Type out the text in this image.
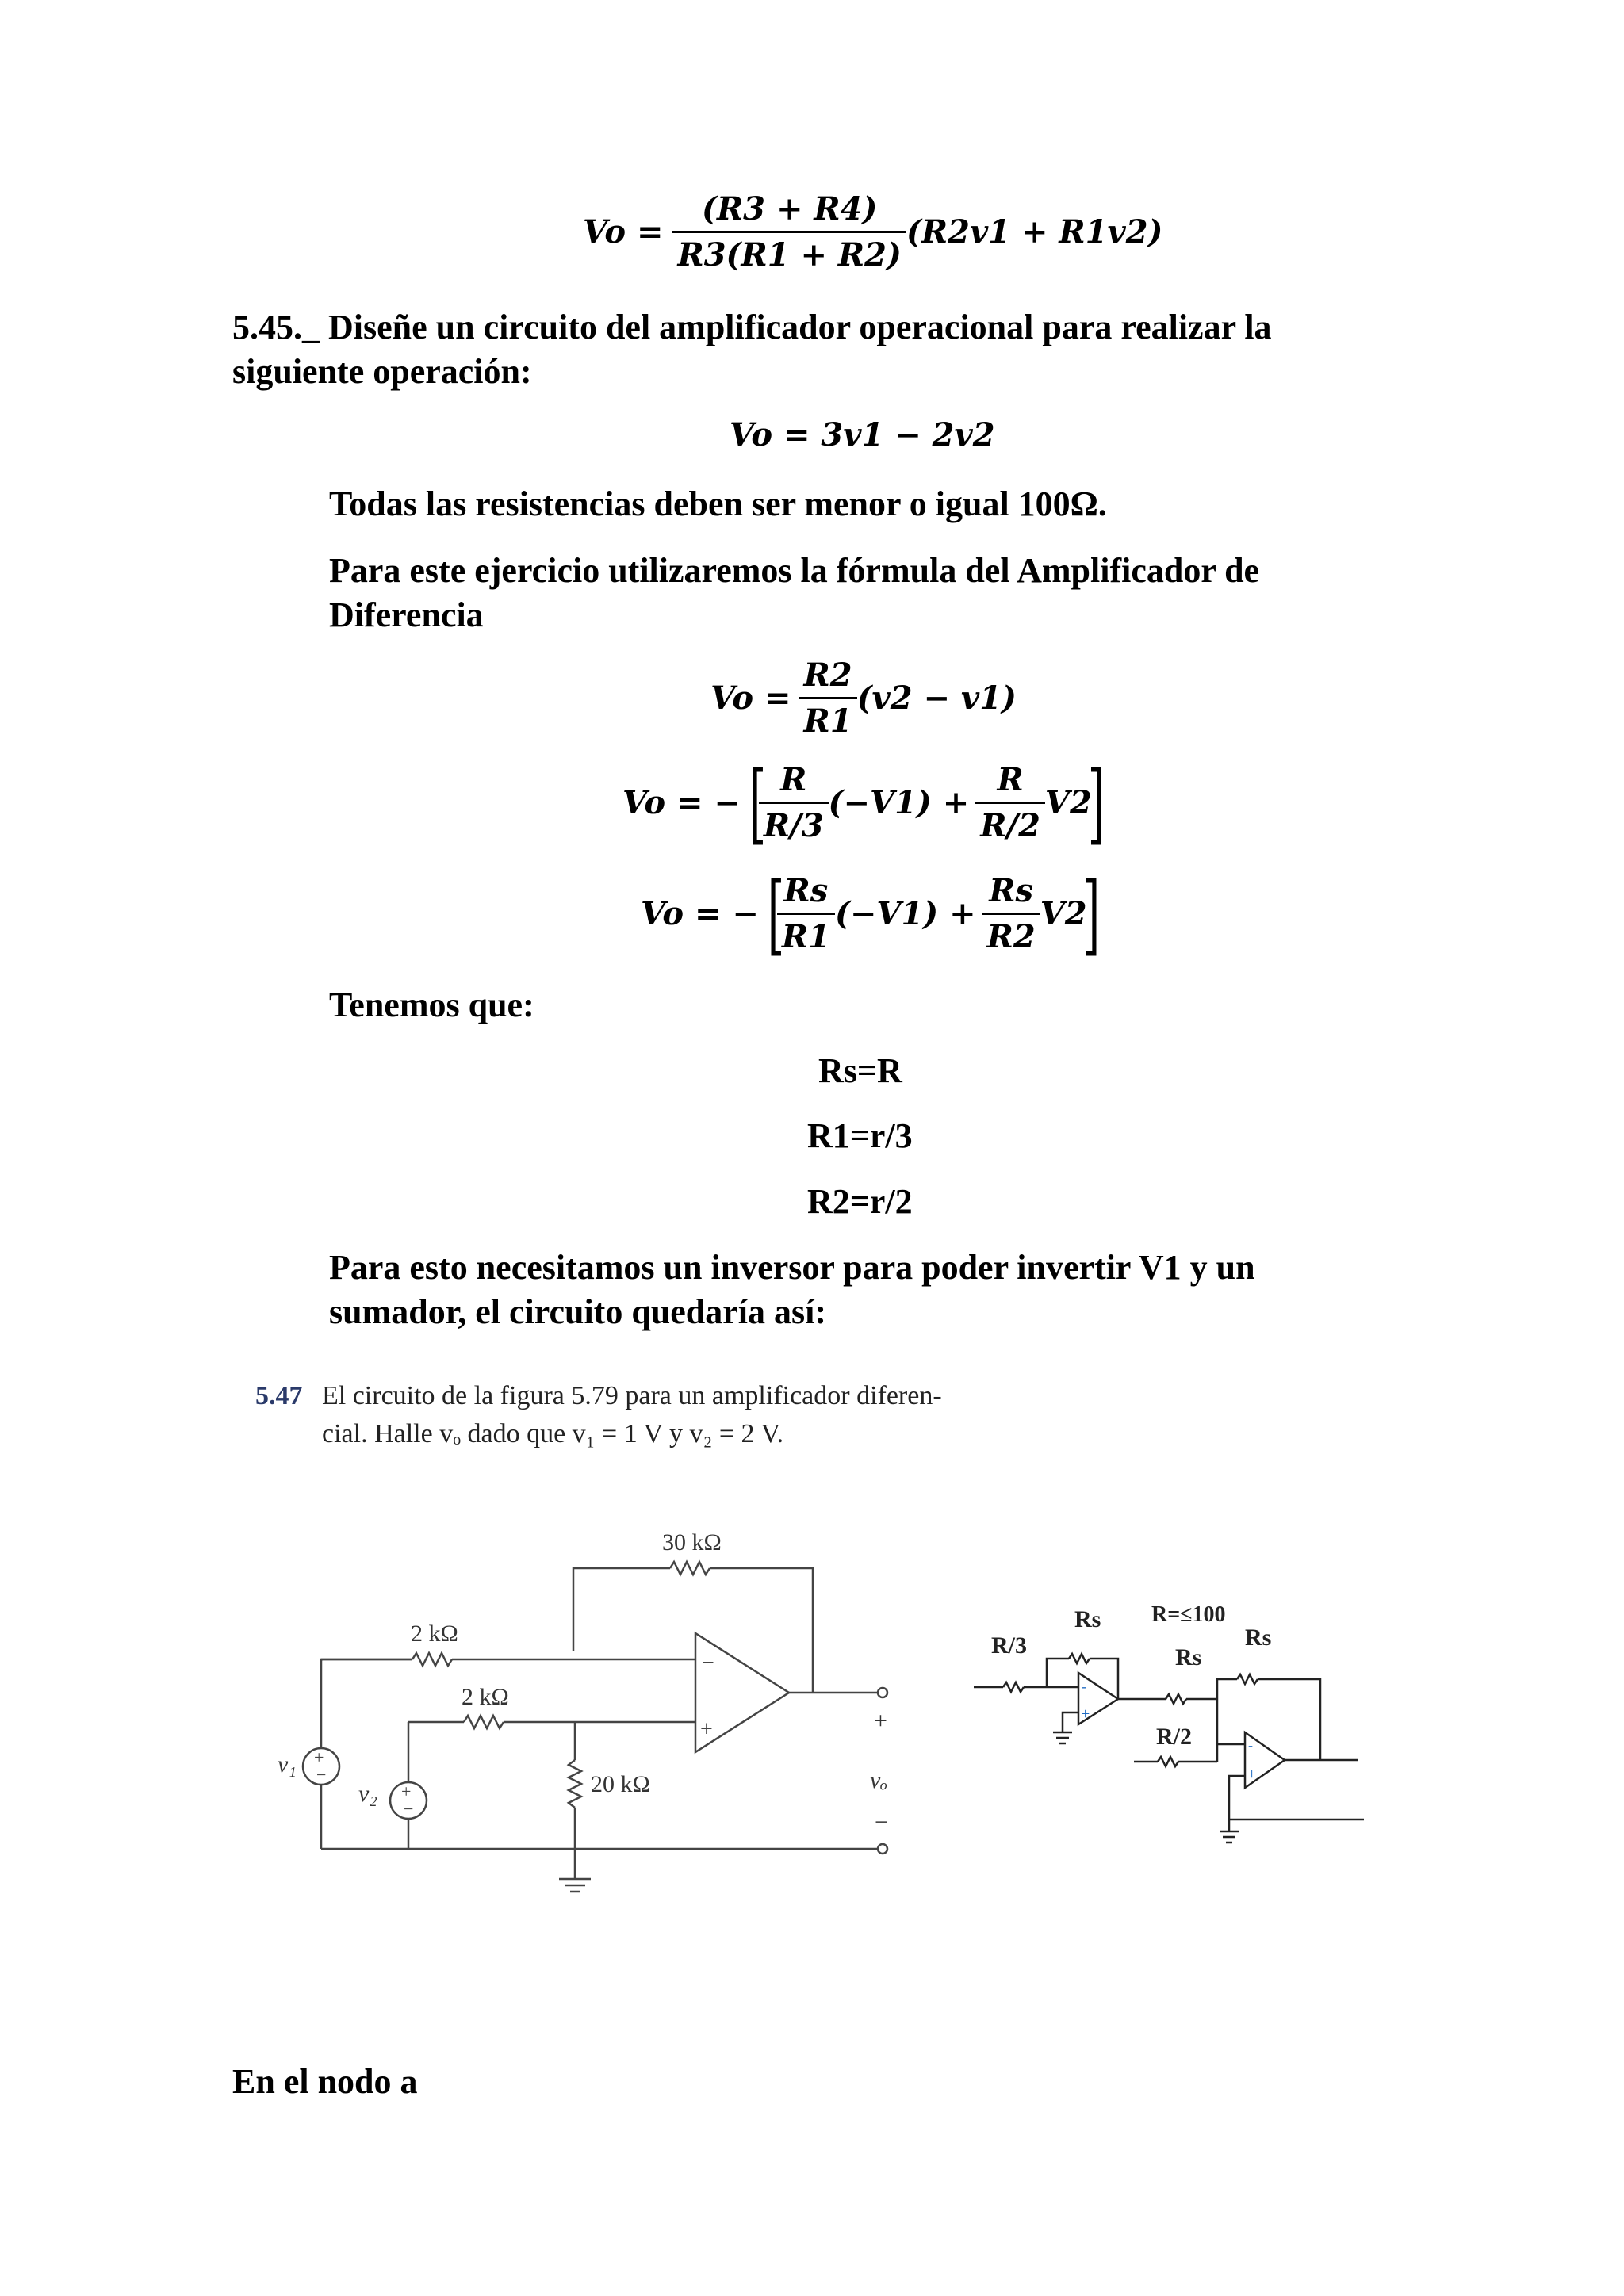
$Vo = \frac{(R3 + R4)}{R3(R1 + R2)} (R2v1 + R1v2)$
5.45._ Diseñe un circuito del amplificador operacional para realizar la siguiente operación:
Vo = 3v1 − 2v2
Todas las resistencias deben ser menor o igual 100Ω.
Para este ejercicio utilizaremos la fórmula del Amplificador de Diferencia
$Vo = \frac{R2}{R1} (v2 - v1)$
Vo = − [
$\frac{R}{R/3} (-V1) + \frac{R}{R/2} V2$
]
Vo = − [
$\frac{Rs}{R1} (-V1) + \frac{Rs}{R2} V2$
]
Tenemos que:
Rs=R
R1=r/3
R2=r/2
Para esto necesitamos un inversor para poder invertir V1 y un sumador, el circuito quedaría así:
5.47 El circuito de la figura 5.79 para un amplificador diferen-
cial. Halle vₒ dado que v₁ = 1 V y v₂ = 2 V.
−
+
+
−
+
−
30 kΩ
2 kΩ
2 kΩ
20 kΩ
v₁
v₂
+
vₒ
−
-
+
-
+
R/3
Rs R=≤100
Rs
Rs
R/2
En el nodo a
